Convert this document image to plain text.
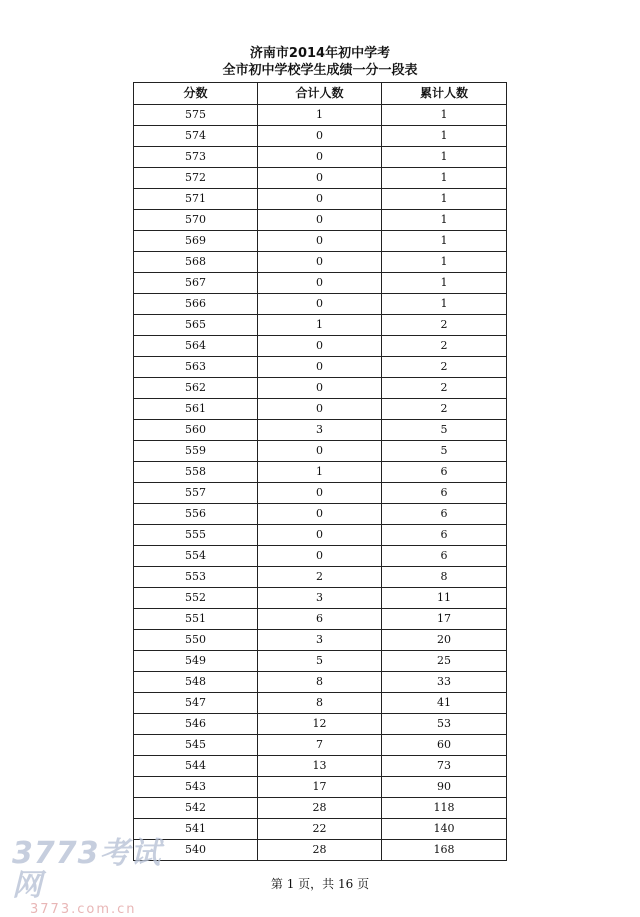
济南市2014年初中学考
全市初中学校学生成绩一分一段表
分数	合计人数	累计人数
575	1	1
574	0	1
573	0	1
572	0	1
571	0	1
570	0	1
569	0	1
568	0	1
567	0	1
566	0	1
565	1	2
564	0	2
563	0	2
562	0	2
561	0	2
560	3	5
559	0	5
558	1	6
557	0	6
556	0	6
555	0	6
554	0	6
553	2	8
552	3	11
551	6	17
550	3	20
549	5	25
548	8	33
547	8	41
546	12	53
545	7	60
544	13	73
543	17	90
542	28	118
541	22	140
540	28	168
第 1 页，共 16 页
3773考试网
3773.com.cn
